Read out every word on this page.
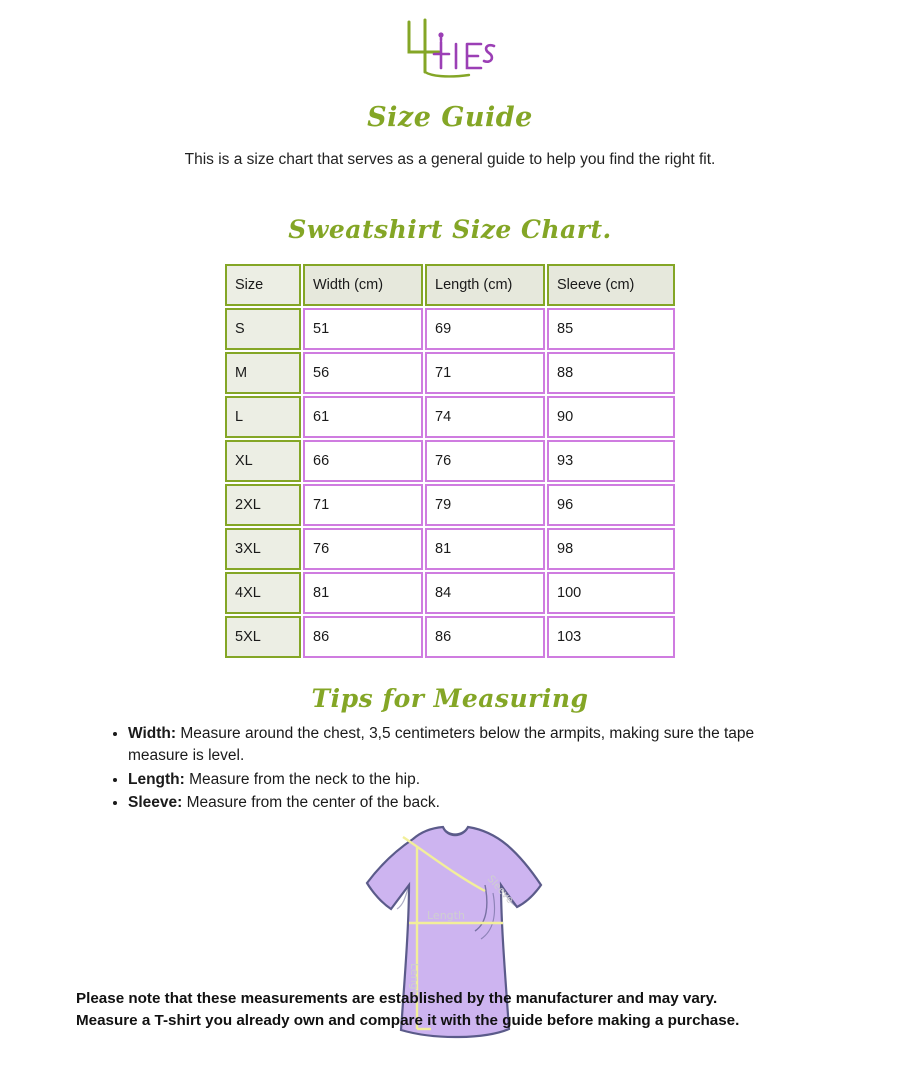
Size Guide
This is a size chart that serves as a general guide to help you find the right fit.
Sweatshirt Size Chart.
Size	Width (cm)	Length (cm)	Sleeve (cm)
S	51	69	85
M	56	71	88
L	61	74	90
XL	66	76	93
2XL	71	79	96
3XL	76	81	98
4XL	81	84	100
5XL	86	86	103
Tips for Measuring
• Width: Measure around the chest, 3,5 centimeters below the armpits, making sure the tape measure is level.
• Length: Measure from the neck to the hip.
• Sleeve: Measure from the center of the back.
Sleeve
Length
Length
Please note that these measurements are established by the manufacturer and may vary.
Measure a T-shirt you already own and compare it with the guide before making a purchase.
